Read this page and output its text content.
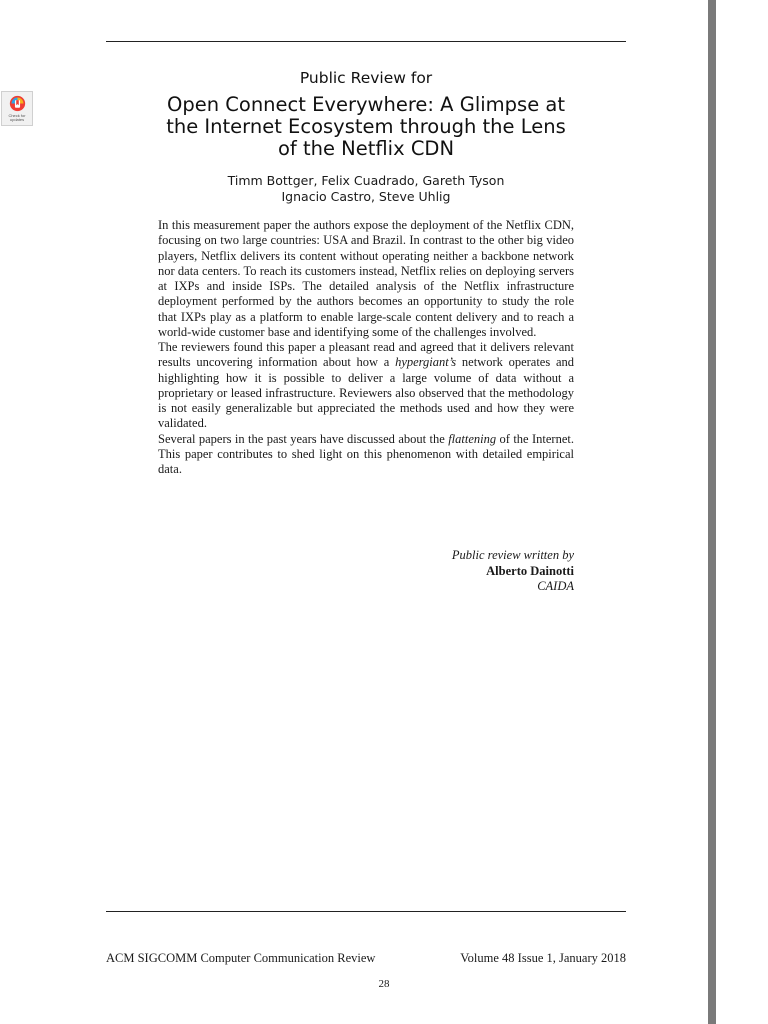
Check for
updates
Public Review for
Open Connect Everywhere: A Glimpse at
the Internet Ecosystem through the Lens
of the Netflix CDN
Timm Bottger, Felix Cuadrado, Gareth Tyson
Ignacio Castro, Steve Uhlig

In this measurement paper the authors expose the deployment of the Netflix CDN, focusing on two large countries: USA and Brazil. In contrast to the other big video players, Netflix delivers its content without operating neither a backbone network nor data centers. To reach its customers instead, Netflix relies on deploying servers at IXPs and inside ISPs. The detailed analysis of the Netflix infrastructure deployment performed by the authors becomes an opportunity to study the role that IXPs play as a platform to enable large-scale content delivery and to reach a world-wide customer base and identifying some of the challenges involved.

The reviewers found this paper a pleasant read and agreed that it delivers relevant results uncovering information about how a hypergiant’s network operates and highlighting how it is possible to deliver a large volume of data without a proprietary or leased infrastructure. Reviewers also observed that the methodology is not easily generalizable but appreciated the methods used and how they were validated.

Several papers in the past years have discussed about the flattening of the Internet. This paper contributes to shed light on this phenomenon with detailed empirical data.

Public review written by
Alberto Dainotti
CAIDA
ACM SIGCOMM Computer Communication Review	Volume 48 Issue 1, January 2018
28
